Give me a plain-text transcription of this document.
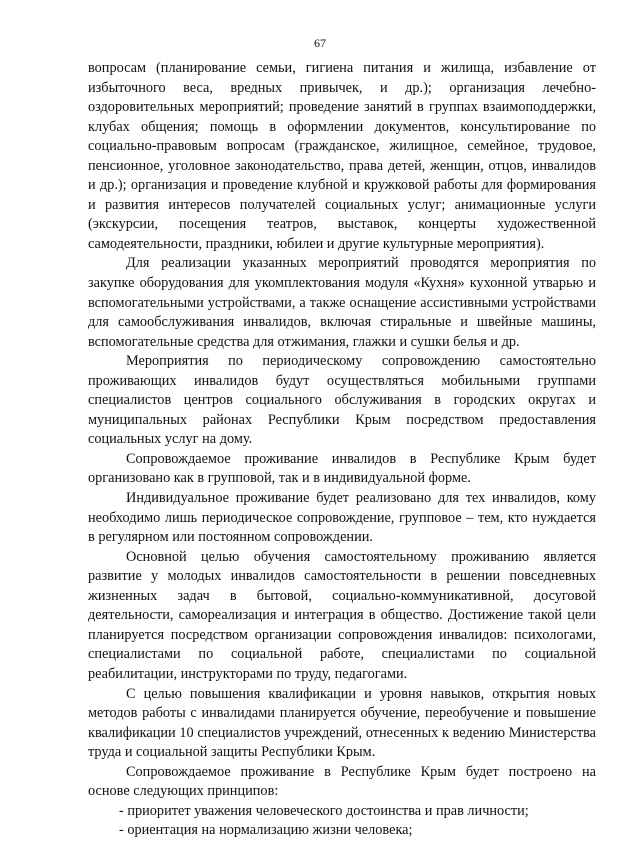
67

вопросам (планирование семьи, гигиена питания и жилища, избавление от избыточного веса, вредных привычек, и др.); организация лечебно-оздоровительных мероприятий; проведение занятий в группах взаимоподдержки, клубах общения; помощь в оформлении документов, консультирование по социально-правовым вопросам (гражданское, жилищное, семейное, трудовое, пенсионное, уголовное законодательство, права детей, женщин, отцов, инвалидов и др.); организация и проведение клубной и кружковой работы для формирования и развития интересов получателей социальных услуг; анимационные услуги (экскурсии, посещения театров, выставок, концерты художественной самодеятельности, праздники, юбилеи и другие культурные мероприятия).

Для реализации указанных мероприятий проводятся мероприятия по закупке оборудования для укомплектования модуля «Кухня» кухонной утварью и вспомогательными устройствами, а также оснащение ассистивными устройствами для самообслуживания инвалидов, включая стиральные и швейные машины, вспомогательные средства для отжимания, глажки и сушки белья и др.

Мероприятия по периодическому сопровождению самостоятельно проживающих инвалидов будут осуществляться мобильными группами специалистов центров социального обслуживания в городских округах и муниципальных районах Республики Крым посредством предоставления социальных услуг на дому.

Сопровождаемое проживание инвалидов в Республике Крым будет организовано как в групповой, так и в индивидуальной форме.

Индивидуальное проживание будет реализовано для тех инвалидов, кому необходимо лишь периодическое сопровождение, групповое – тем, кто нуждается в регулярном или постоянном сопровождении.

Основной целью обучения самостоятельному проживанию является развитие у молодых инвалидов самостоятельности в решении повседневных жизненных задач в бытовой, социально-коммуникативной, досуговой деятельности, самореализация и интеграция в общество. Достижение такой цели планируется посредством организации сопровождения инвалидов: психологами, специалистами по социальной работе, специалистами по социальной реабилитации, инструкторами по труду, педагогами.

С целью повышения квалификации и уровня навыков, открытия новых методов работы с инвалидами планируется обучение, переобучение и повышение квалификации 10 специалистов учреждений, отнесенных к ведению Министерства труда и социальной защиты Республики Крым.

Сопровождаемое проживание в Республике Крым будет построено на основе следующих принципов:

- приоритет уважения человеческого достоинства и прав личности;

- ориентация на нормализацию жизни человека;
